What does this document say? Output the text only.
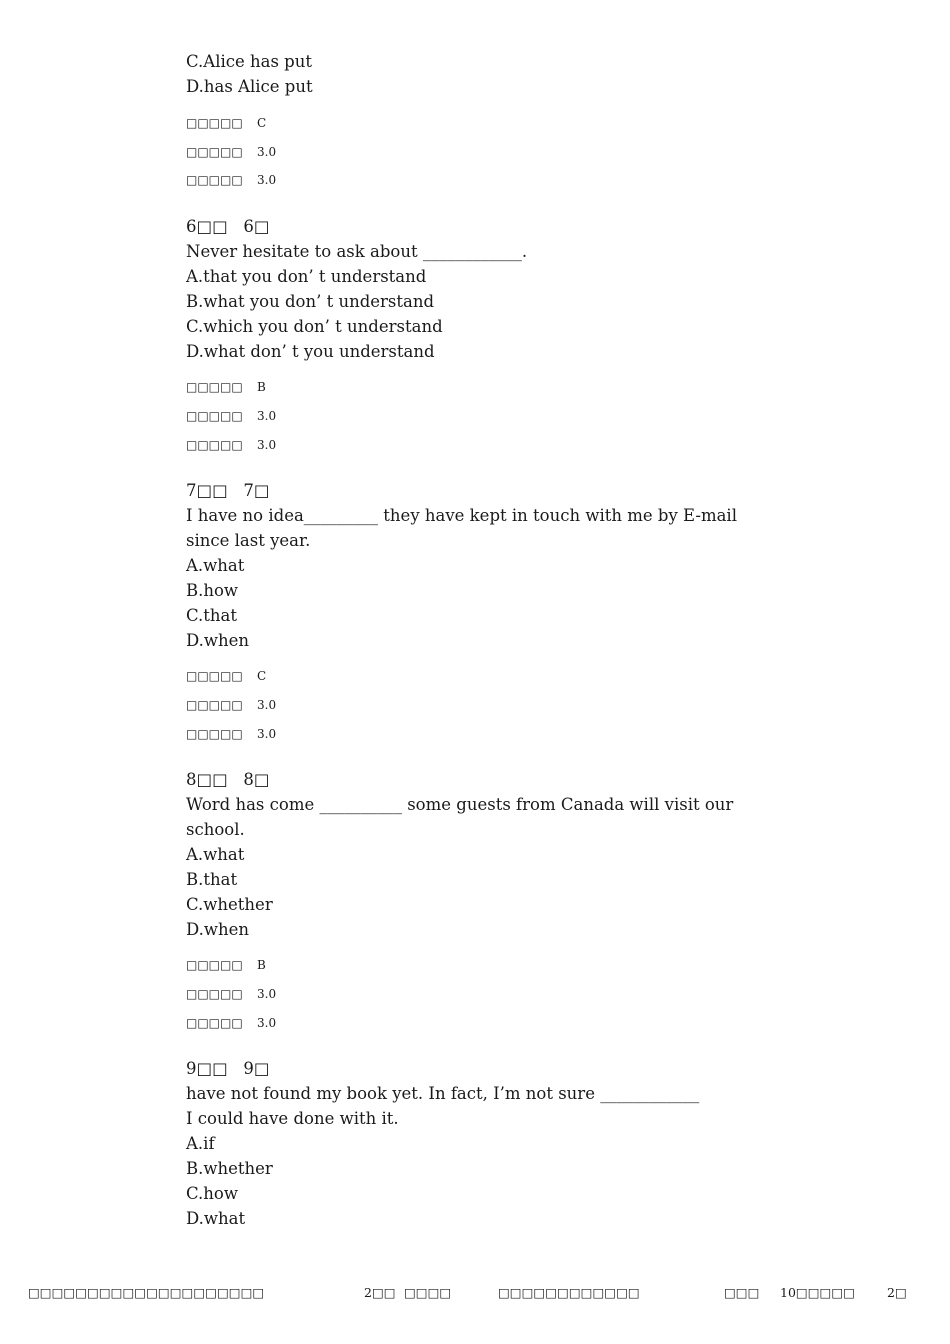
C.Alice has put
D.has Alice put
□□□□□ C
□□□□□ 3.0
□□□□□ 3.0
6□□   6□
Never hesitate to ask about ____________.
A.that you don’ t understand
B.what you don’ t understand
C.which you don’ t understand
D.what don’ t you understand
□□□□□ B
□□□□□ 3.0
□□□□□ 3.0
7□□   7□
I have no idea_________ they have kept in touch with me by E-mail
since last year.
A.what
B.how
C.that
D.when
□□□□□ C
□□□□□ 3.0
□□□□□ 3.0
8□□   8□
Word has come __________ some guests from Canada will visit our
school.
A.what
B.that
C.whether
D.when
□□□□□ B
□□□□□ 3.0
□□□□□ 3.0
9□□   9□
have not found my book yet. In fact, I’m not sure ____________
I could have done with it.
A.if
B.whether
C.how
D.what
□□□□□□□□□□□□□□□□□□□□	2□□ □□□□	□□□□□□□□□□□□	□□□ 10□□□□□	2□
